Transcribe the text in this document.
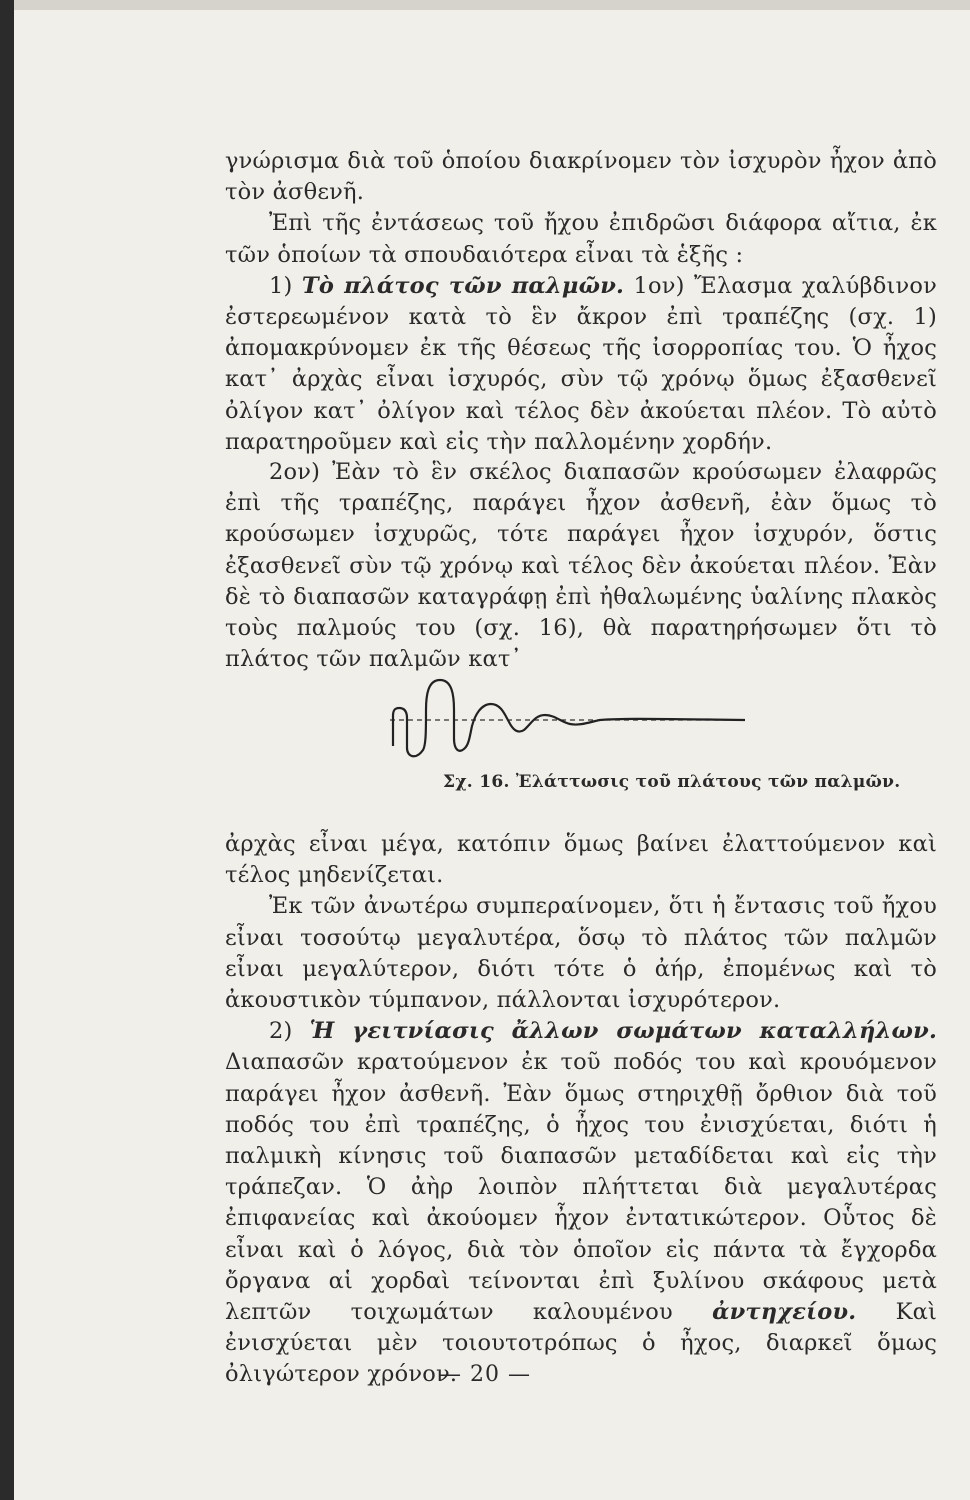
γνώρισμα διὰ τοῦ ὁποίου διακρίνομεν τὸν ἰσχυρὸν ἦχον ἀπὸ τὸν ἀσθενῆ.

Ἐπὶ τῆς ἐντάσεως τοῦ ἤχου ἐπιδρῶσι διάφορα αἴτια, ἐκ τῶν ὁποίων τὰ σπουδαιότερα εἶναι τὰ ἑξῆς :

1) Τὸ πλάτος τῶν παλμῶν. 1ον) Ἔλασμα χαλύβδινον ἐστερεωμένον κατὰ τὸ ἓν ἄκρον ἐπὶ τραπέζης (σχ. 1) ἀπομακρύνομεν ἐκ τῆς θέσεως τῆς ἰσορροπίας του. Ὁ ἦχος κατ᾽ ἀρχὰς εἶναι ἰσχυρός, σὺν τῷ χρόνῳ ὅμως ἐξασθενεῖ ὀλίγον κατ᾽ ὀλίγον καὶ τέλος δὲν ἀκούεται πλέον. Τὸ αὐτὸ παρατηροῦμεν καὶ εἰς τὴν παλλομένην χορδήν.

2ον) Ἐὰν τὸ ἓν σκέλος διαπασῶν κρούσωμεν ἐλαφρῶς ἐπὶ τῆς τραπέζης, παράγει ἦχον ἀσθενῆ, ἐὰν ὅμως τὸ κρούσωμεν ἰσχυρῶς, τότε παράγει ἦχον ἰσχυρόν, ὅστις ἐξασθενεῖ σὺν τῷ χρόνῳ καὶ τέλος δὲν ἀκούεται πλέον. Ἐὰν δὲ τὸ διαπασῶν καταγράφῃ ἐπὶ ἠθαλωμένης ὑαλίνης πλακὸς τοὺς παλμούς του (σχ. 16), θὰ παρατηρήσωμεν ὅτι τὸ πλάτος τῶν παλμῶν κατ᾽

Σχ. 16. Ἐλάττωσις τοῦ πλάτους τῶν παλμῶν.

ἀρχὰς εἶναι μέγα, κατόπιν ὅμως βαίνει ἐλαττούμενον καὶ τέλος μηδενίζεται.

Ἐκ τῶν ἀνωτέρω συμπεραίνομεν, ὅτι ἡ ἔντασις τοῦ ἤχου εἶναι τοσούτῳ μεγαλυτέρα, ὅσῳ τὸ πλάτος τῶν παλμῶν εἶναι μεγαλύτερον, διότι τότε ὁ ἀήρ, ἐπομένως καὶ τὸ ἀκουστικὸν τύμπανον, πάλλονται ἰσχυρότερον.

2) Ἡ γειτνίασις ἄλλων σωμάτων καταλλήλων. Διαπασῶν κρατούμενον ἐκ τοῦ ποδός του καὶ κρουόμενον παράγει ἦχον ἀσθενῆ. Ἐὰν ὅμως στηριχθῇ ὄρθιον διὰ τοῦ ποδός του ἐπὶ τραπέζης, ὁ ἦχος του ἐνισχύεται, διότι ἡ παλμικὴ κίνησις τοῦ διαπασῶν μεταδίδεται καὶ εἰς τὴν τράπεζαν. Ὁ ἀὴρ λοιπὸν πλήττεται διὰ μεγαλυτέρας ἐπιφανείας καὶ ἀκούομεν ἦχον ἐντατικώτερον. Οὗτος δὲ εἶναι καὶ ὁ λόγος, διὰ τὸν ὁποῖον εἰς πάντα τὰ ἔγχορδα ὄργανα αἱ χορδαὶ τείνονται ἐπὶ ξυλίνου σκάφους μετὰ λεπτῶν τοιχωμάτων καλουμένου ἀντηχείου. Καὶ ἐνισχύεται μὲν τοιουτοτρόπως ὁ ἦχος, διαρκεῖ ὅμως ὀλιγώτερον χρόνον.

— 20 —
